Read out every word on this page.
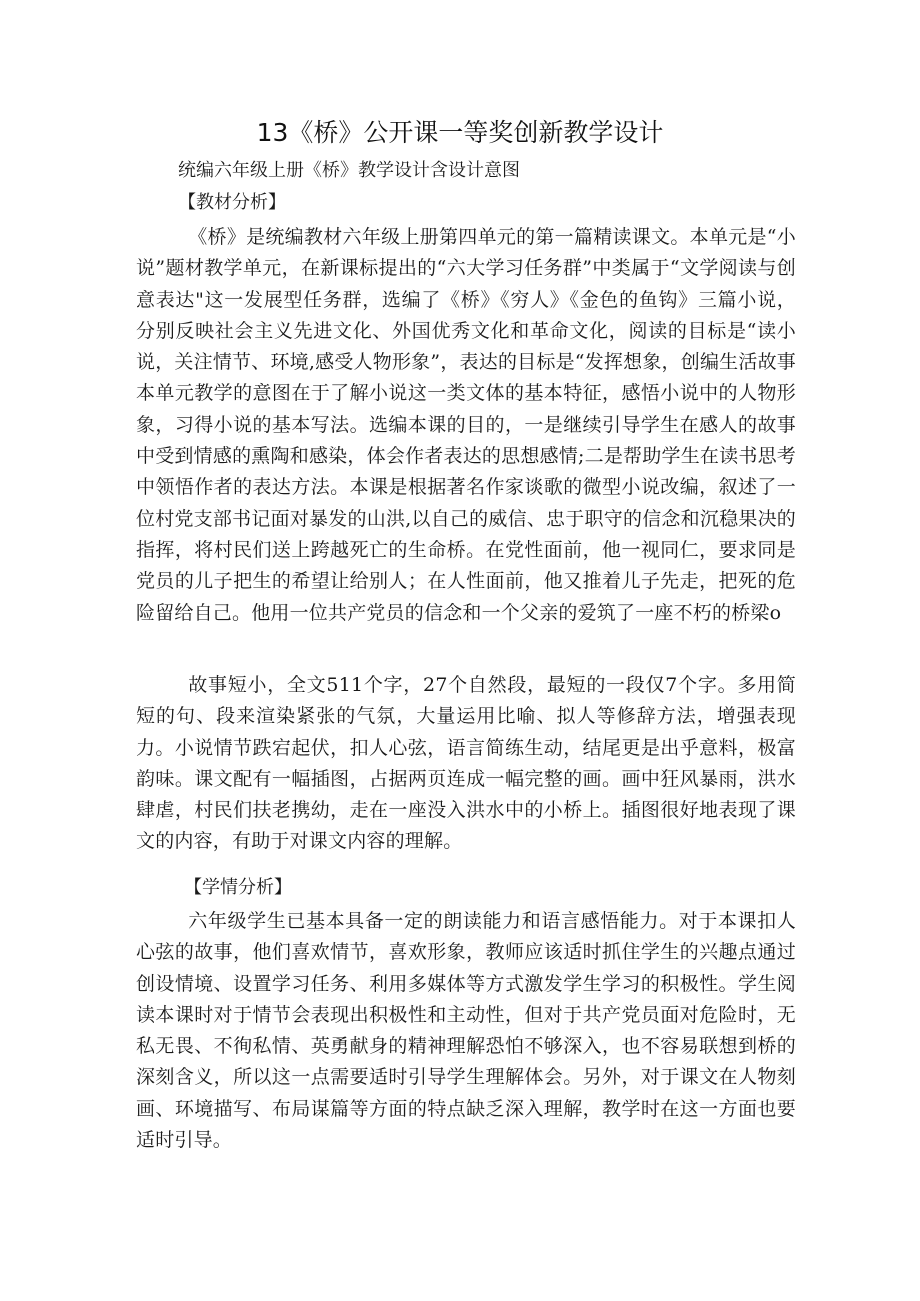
13《桥》公开课一等奖创新教学设计

统编六年级上册《桥》教学设计含设计意图

【教材分析】

《桥》是统编教材六年级上册第四单元的第一篇精读课文。本单元是“小说”题材教学单元，在新课标提出的“六大学习任务群”中类属于“文学阅读与创意表达"这一发展型任务群，选编了《桥》《穷人》《金色的鱼钩》三篇小说，分别反映社会主义先进文化、外国优秀文化和革命文化，阅读的目标是“读小说，关注情节、环境,感受人物形象”，表达的目标是“发挥想象，创编生活故事本单元教学的意图在于了解小说这一类文体的基本特征，感悟小说中的人物形象，习得小说的基本写法。选编本课的目的，一是继续引导学生在感人的故事中受到情感的熏陶和感染，体会作者表达的思想感情;二是帮助学生在读书思考中领悟作者的表达方法。本课是根据著名作家谈歌的微型小说改编，叙述了一位村党支部书记面对暴发的山洪,以自己的威信、忠于职守的信念和沉稳果决的指挥，将村民们送上跨越死亡的生命桥。在党性面前，他一视同仁，要求同是党员的儿子把生的希望让给别人；在人性面前，他又推着儿子先走，把死的危险留给自己。他用一位共产党员的信念和一个父亲的爱筑了一座不朽的桥梁o

故事短小，全文511个字，27个自然段，最短的一段仅7个字。多用简短的句、段来渲染紧张的气氛，大量运用比喻、拟人等修辞方法，增强表现力。小说情节跌宕起伏，扣人心弦，语言简练生动，结尾更是出乎意料，极富韵味。课文配有一幅插图，占据两页连成一幅完整的画。画中狂风暴雨，洪水肆虐，村民们扶老携幼，走在一座没入洪水中的小桥上。插图很好地表现了课文的内容，有助于对课文内容的理解。

【学情分析】

六年级学生已基本具备一定的朗读能力和语言感悟能力。对于本课扣人心弦的故事，他们喜欢情节，喜欢形象，教师应该适时抓住学生的兴趣点通过创设情境、设置学习任务、利用多媒体等方式激发学生学习的积极性。学生阅读本课时对于情节会表现出积极性和主动性，但对于共产党员面对危险时，无私无畏、不徇私情、英勇献身的精神理解恐怕不够深入，也不容易联想到桥的深刻含义，所以这一点需要适时引导学生理解体会。另外，对于课文在人物刻画、环境描写、布局谋篇等方面的特点缺乏深入理解，教学时在这一方面也要适时引导。
